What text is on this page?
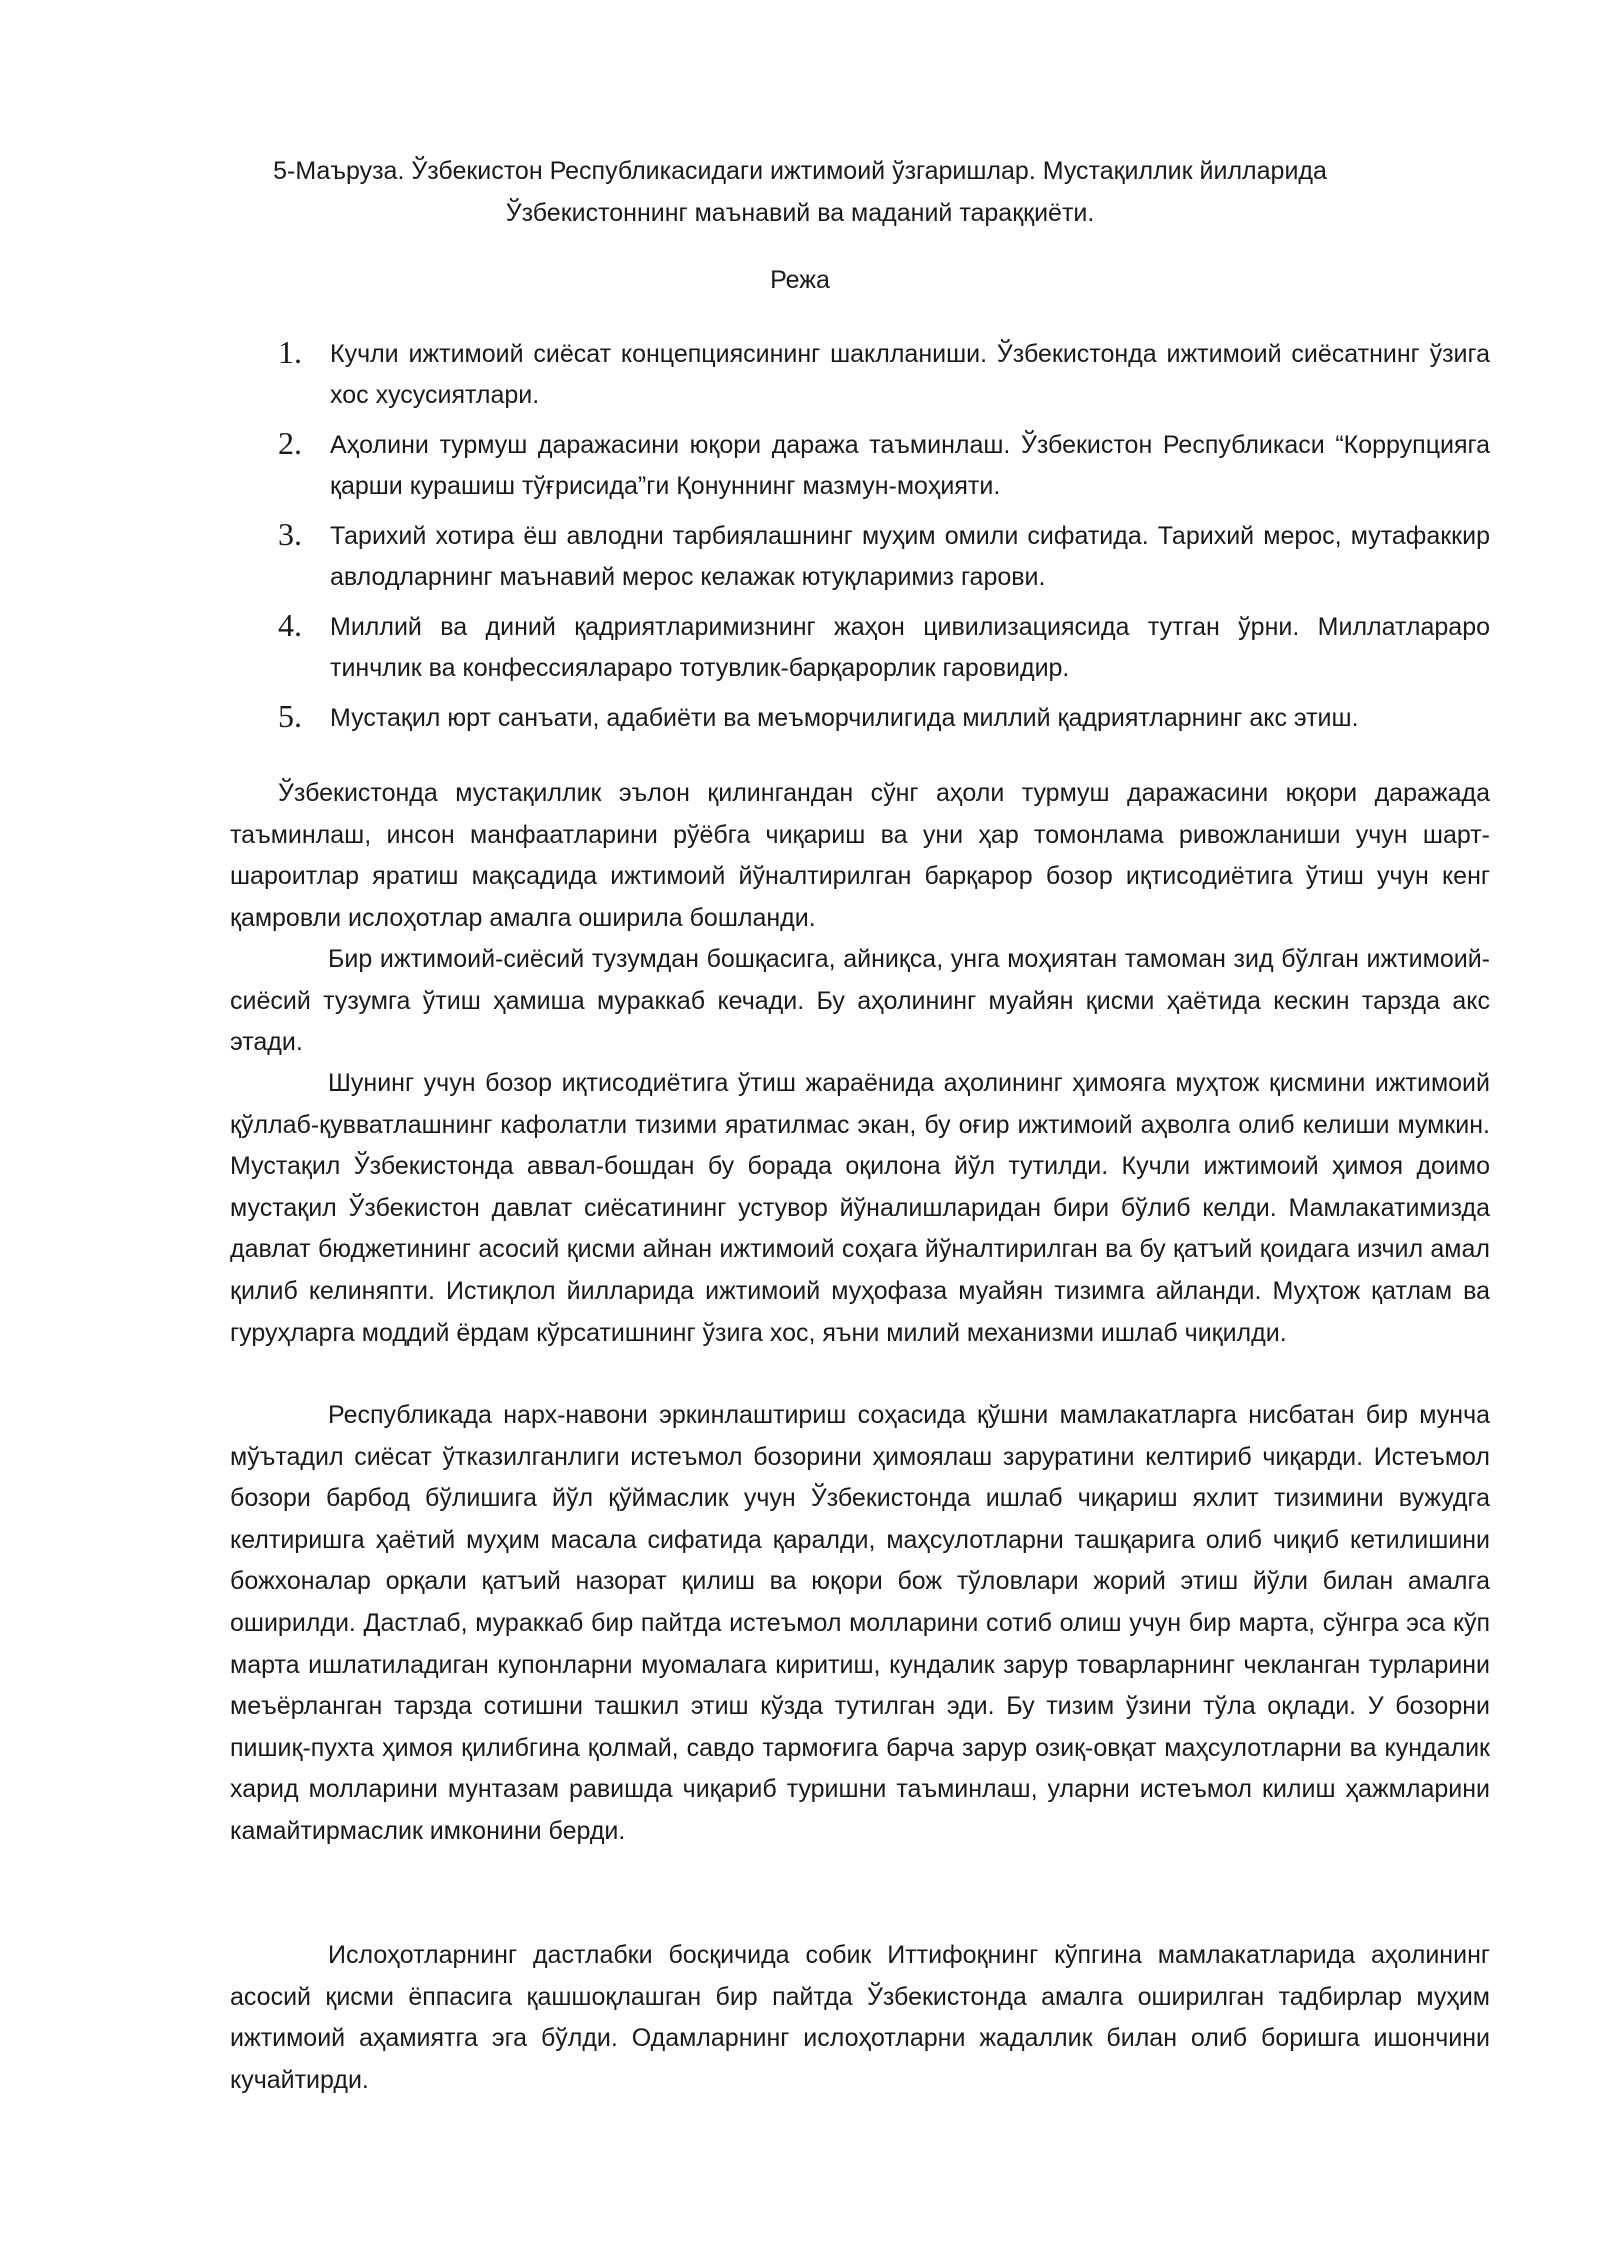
5-Маъруза. Ўзбекистон Республикасидаги ижтимоий ўзгаришлар. Мустақиллик йилларида Ўзбекистоннинг маънавий ва маданий тараққиёти.
Режа
1. Кучли ижтимоий сиёсат концепциясининг шаклланиши. Ўзбекистонда ижтимоий сиёсатнинг ўзига хос хусусиятлари.
2. Аҳолини турмуш даражасини юқори даража таъминлаш. Ўзбекистон Республикаси “Коррупцияга қарши курашиш тўғрисида”ги Қонуннинг мазмун-моҳияти.
3. Тарихий хотира ёш авлодни тарбиялашнинг муҳим омили сифатида. Тарихий мерос, мутафаккир авлодларнинг маънавий мерос келажак ютуқларимиз гарови.
4. Миллий ва диний қадриятларимизнинг жаҳон цивилизациясида тутган ўрни. Миллатлараро тинчлик ва конфессиялараро тотувлик-барқарорлик гаровидир.
5. Мустақил юрт санъати, адабиёти ва меъморчилигида миллий қадриятларнинг акс этиш.

Ўзбекистонда мустақиллик эълон қилингандан сўнг аҳоли турмуш даражасини юқори даражада таъминлаш, инсон манфаатларини рўёбга чиқариш ва уни ҳар томонлама ривожланиши учун шарт-шароитлар яратиш мақсадида ижтимоий йўналтирилган барқарор бозор иқтисодиётига ўтиш учун кенг қамровли ислоҳотлар амалга оширила бошланди.

Бир ижтимоий-сиёсий тузумдан бошқасига, айниқса, унга моҳиятан тамоман зид бўлган ижтимоий-сиёсий тузумга ўтиш ҳамиша мураккаб кечади. Бу аҳолининг муайян қисми ҳаётида кескин тарзда акс этади.

Шунинг учун бозор иқтисодиётига ўтиш жараёнида аҳолининг ҳимояга муҳтож қисмини ижтимоий қўллаб-қувватлашнинг кафолатли тизими яратилмас экан, бу оғир ижтимоий аҳволга олиб келиши мумкин. Мустақил Ўзбекистонда аввал-бошдан бу борада оқилона йўл тутилди. Кучли ижтимоий ҳимоя доимо мустақил Ўзбекистон давлат сиёсатининг устувор йўналишларидан бири бўлиб келди. Мамлакатимизда давлат бюджетининг асосий қисми айнан ижтимоий соҳага йўналтирилган ва бу қатъий қоидага изчил амал қилиб келиняпти. Истиқлол йилларида ижтимоий муҳофаза муайян тизимга айланди. Муҳтож қатлам ва гуруҳларга моддий ёрдам кўрсатишнинг ўзига хос, яъни милий механизми ишлаб чиқилди.

Республикада нарх-навони эркинлаштириш соҳасида қўшни мамлакатларга нисбатан бир мунча мўътадил сиёсат ўтказилганлиги истеъмол бозорини ҳимоялаш заруратини келтириб чиқарди. Истеъмол бозори барбод бўлишига йўл қўймаслик учун Ўзбекистонда ишлаб чиқариш яхлит тизимини вужудга келтиришга ҳаётий муҳим масала сифатида қаралди, маҳсулотларни ташқарига олиб чиқиб кетилишини божхоналар орқали қатъий назорат қилиш ва юқори бож тўловлари жорий этиш йўли билан амалга оширилди. Дастлаб, мураккаб бир пайтда истеъмол молларини сотиб олиш учун бир марта, сўнгра эса кўп марта ишлатиладиган купонларни муомалага киритиш, кундалик зарур товарларнинг чекланган турларини меъёрланган тарзда сотишни ташкил этиш кўзда тутилган эди. Бу тизим ўзини тўла оқлади. У бозорни пишиқ-пухта ҳимоя қилибгина қолмай, савдо тармоғига барча зарур озиқ-овқат маҳсулотларни ва кундалик харид молларини мунтазам равишда чиқариб туришни таъминлаш, уларни истеъмол килиш ҳажмларини камайтирмаслик имконини берди.

Ислоҳотларнинг дастлабки босқичида собик Иттифоқнинг кўпгина мамлакатларида аҳолининг асосий қисми ёппасига қашшоқлашган бир пайтда Ўзбекистонда амалга оширилган тадбирлар муҳим ижтимоий аҳамиятга эга бўлди. Одамларнинг ислоҳотларни жадаллик билан олиб боришга ишончини кучайтирди.
